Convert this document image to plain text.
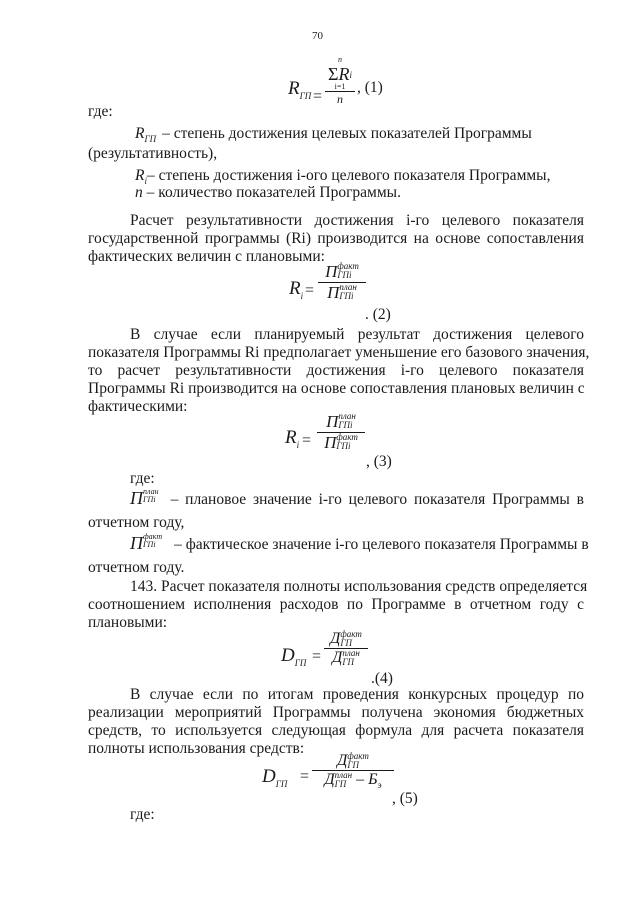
70
$R_{ГП}$ =
n
Σ R i
i=1
n
, (1)
где:
$R_{ГП}$ – степень достижения целевых показателей Программы
(результативность),
$R_i-$ степень достижения i-ого целевого показателя Программы,
n – количество показателей Программы.
Расчет результативности достижения i-го целевого показателя
государственной программы (Ri) производится на основе сопоставления
фактических величин с плановыми:
$R_i$ =
П факт
ГПi
П план
ГПi
. (2)
В случае если планируемый результат достижения целевого
показателя Программы Ri предполагает уменьшение его базового значения,
то расчет результативности достижения i-го целевого показателя
Программы Ri производится на основе сопоставления плановых величин с
фактическими:
$R_i$ =
П план
ГПi
П факт
ГПi
, (3)
где:
П план
ГПi – плановое значение i-го целевого показателя Программы в
отчетном году,
П факт
ГПi	– фактическое значение i-го целевого показателя Программы в
отчетном году.
143. Расчет показателя полноты использования средств определяется
соотношением исполнения расходов по Программе в отчетном году с
плановыми:
$D_{ГП}$ =
Д факт
ГП
Д план
ГП
.(4)
В случае если по итогам проведения конкурсных процедур по
реализации мероприятий Программы получена экономия бюджетных
средств, то используется следующая формула для расчета показателя
полноты использования средств:
$D_{ГП}$ =
Д факт
ГП
Д план
ГП – $Б_э$
, (5)
где:
